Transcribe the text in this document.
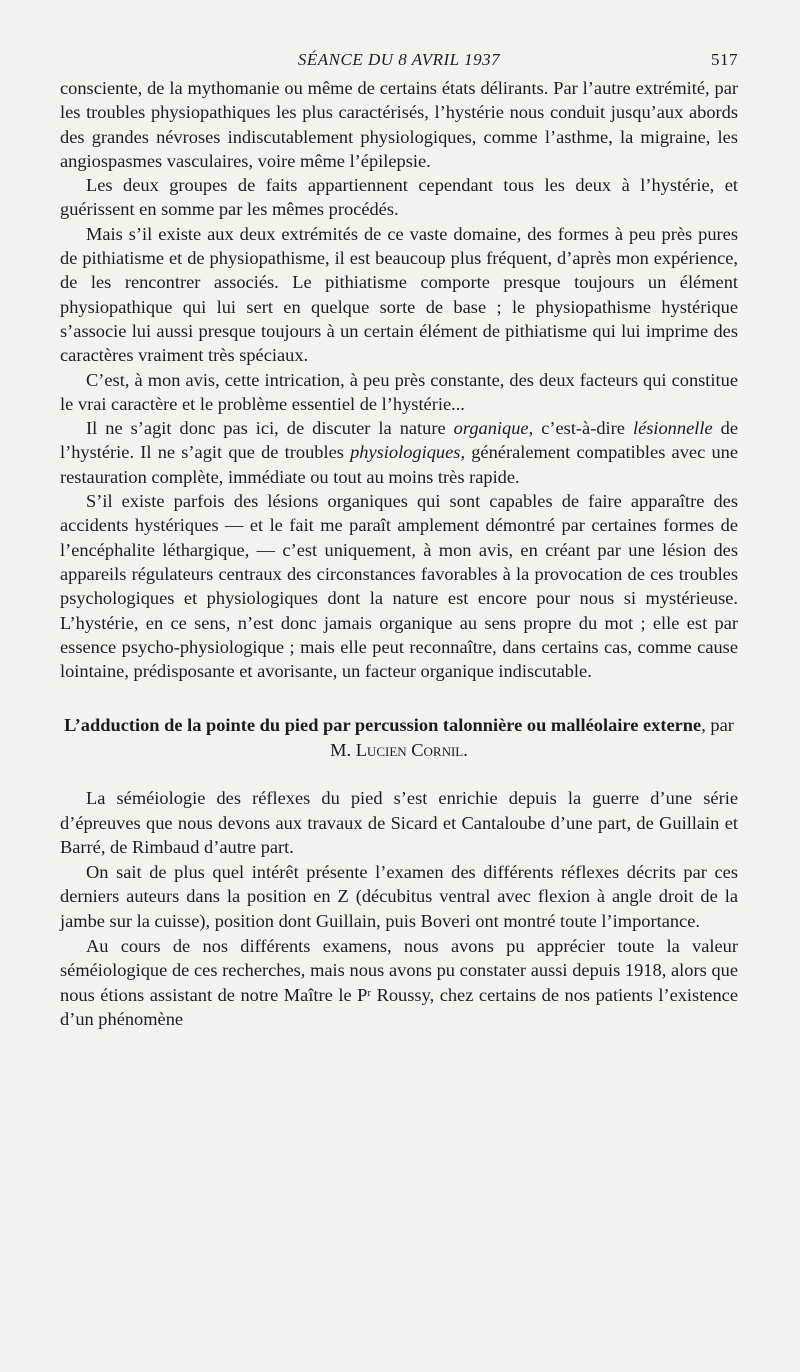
SÉANCE DU 8 AVRIL 1937	517

consciente, de la mythomanie ou même de certains états délirants. Par l’autre extrémité, par les troubles physiopathiques les plus caractérisés, l’hystérie nous conduit jusqu’aux abords des grandes névroses indiscutablement physiologiques, comme l’asthme, la migraine, les angiospasmes vasculaires, voire même l’épilepsie.

Les deux groupes de faits appartiennent cependant tous les deux à l’hystérie, et guérissent en somme par les mêmes procédés.

Mais s’il existe aux deux extrémités de ce vaste domaine, des formes à peu près pures de pithiatisme et de physiopathisme, il est beaucoup plus fréquent, d’après mon expérience, de les rencontrer associés. Le pithiatisme comporte presque toujours un élément physiopathique qui lui sert en quelque sorte de base ; le physiopathisme hystérique s’associe lui aussi presque toujours à un certain élément de pithiatisme qui lui imprime des caractères vraiment très spéciaux.

C’est, à mon avis, cette intrication, à peu près constante, des deux facteurs qui constitue le vrai caractère et le problème essentiel de l’hystérie...

Il ne s’agit donc pas ici, de discuter la nature organique, c’est-à-dire lésionnelle de l’hystérie. Il ne s’agit que de troubles physiologiques, généralement compatibles avec une restauration complète, immédiate ou tout au moins très rapide.

S’il existe parfois des lésions organiques qui sont capables de faire apparaître des accidents hystériques — et le fait me paraît amplement démontré par certaines formes de l’encéphalite léthargique, — c’est uniquement, à mon avis, en créant par une lésion des appareils régulateurs centraux des circonstances favorables à la provocation de ces troubles psychologiques et physiologiques dont la nature est encore pour nous si mystérieuse. L’hystérie, en ce sens, n’est donc jamais organique au sens propre du mot ; elle est par essence psycho-physiologique ; mais elle peut reconnaître, dans certains cas, comme cause lointaine, prédisposante et avorisante, un facteur organique indiscutable.

L’adduction de la pointe du pied par percussion talonnière ou malléolaire externe, par M. Lucien Cornil.

La séméiologie des réflexes du pied s’est enrichie depuis la guerre d’une série d’épreuves que nous devons aux travaux de Sicard et Cantaloube d’une part, de Guillain et Barré, de Rimbaud d’autre part.

On sait de plus quel intérêt présente l’examen des différents réflexes décrits par ces derniers auteurs dans la position en Z (décubitus ventral avec flexion à angle droit de la jambe sur la cuisse), position dont Guillain, puis Boveri ont montré toute l’importance.

Au cours de nos différents examens, nous avons pu apprécier toute la valeur séméiologique de ces recherches, mais nous avons pu constater aussi depuis 1918, alors que nous étions assistant de notre Maître le $P^r$ Roussy, chez certains de nos patients l’existence d’un phénomène
